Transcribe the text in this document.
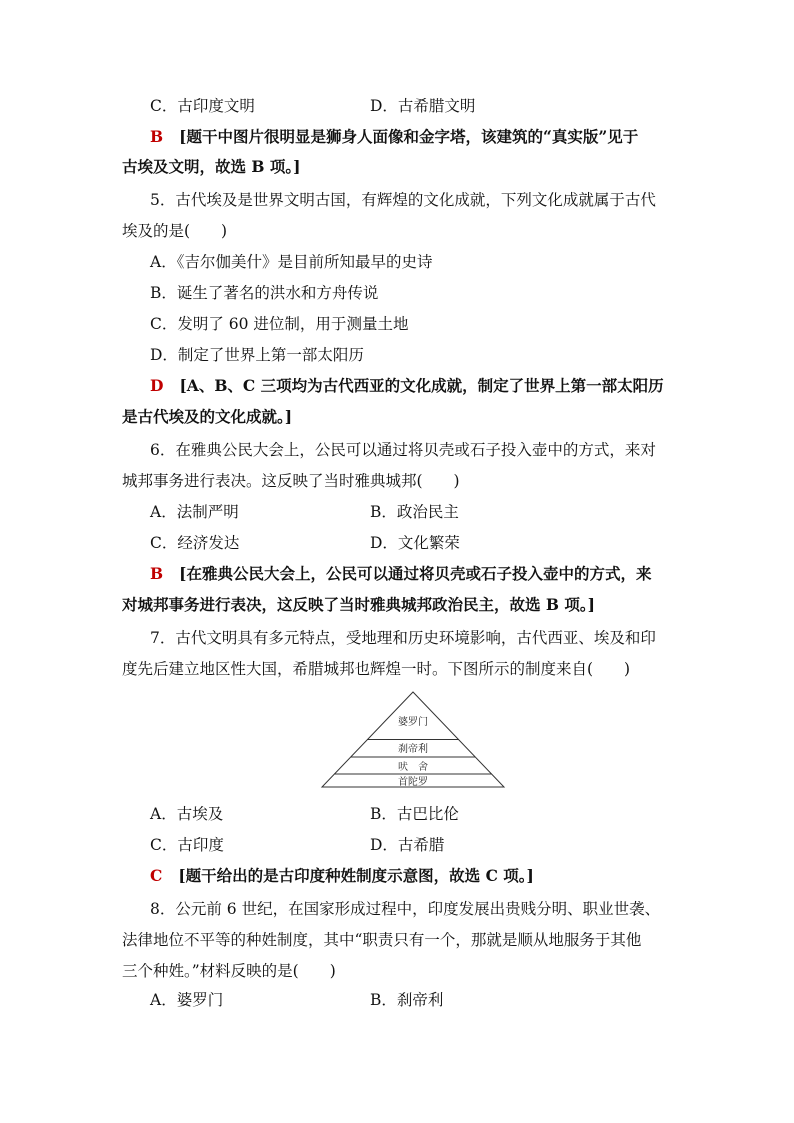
C．古印度文明	D．古希腊文明
B [题干中图片很明显是狮身人面像和金字塔，该建筑的“真实版”见于
古埃及文明，故选 B 项。]
5．古代埃及是世界文明古国，有辉煌的文化成就，下列文化成就属于古代
埃及的是(　　)
A．《吉尔伽美什》是目前所知最早的史诗
B．诞生了著名的洪水和方舟传说
C．发明了 60 进位制，用于测量土地
D．制定了世界上第一部太阳历
D [A、B、C 三项均为古代西亚的文化成就，制定了世界上第一部太阳历
是古代埃及的文化成就。]
6．在雅典公民大会上，公民可以通过将贝壳或石子投入壶中的方式，来对
城邦事务进行表决。这反映了当时雅典城邦(　　)
A．法制严明	B．政治民主
C．经济发达	D．文化繁荣
B [在雅典公民大会上，公民可以通过将贝壳或石子投入壶中的方式，来
对城邦事务进行表决，这反映了当时雅典城邦政治民主，故选 B 项。]
7．古代文明具有多元特点，受地理和历史环境影响，古代西亚、埃及和印
度先后建立地区性大国，希腊城邦也辉煌一时。下图所示的制度来自(　　)
婆罗门
刹帝利
吠　舍
首陀罗
A．古埃及	B．古巴比伦
C．古印度	D．古希腊
C [题干给出的是古印度种姓制度示意图，故选 C 项。]
8．公元前 6 世纪，在国家形成过程中，印度发展出贵贱分明、职业世袭、
法律地位不平等的种姓制度，其中“职责只有一个，那就是顺从地服务于其他
三个种姓。”材料反映的是(　　)
A．婆罗门	B．刹帝利
